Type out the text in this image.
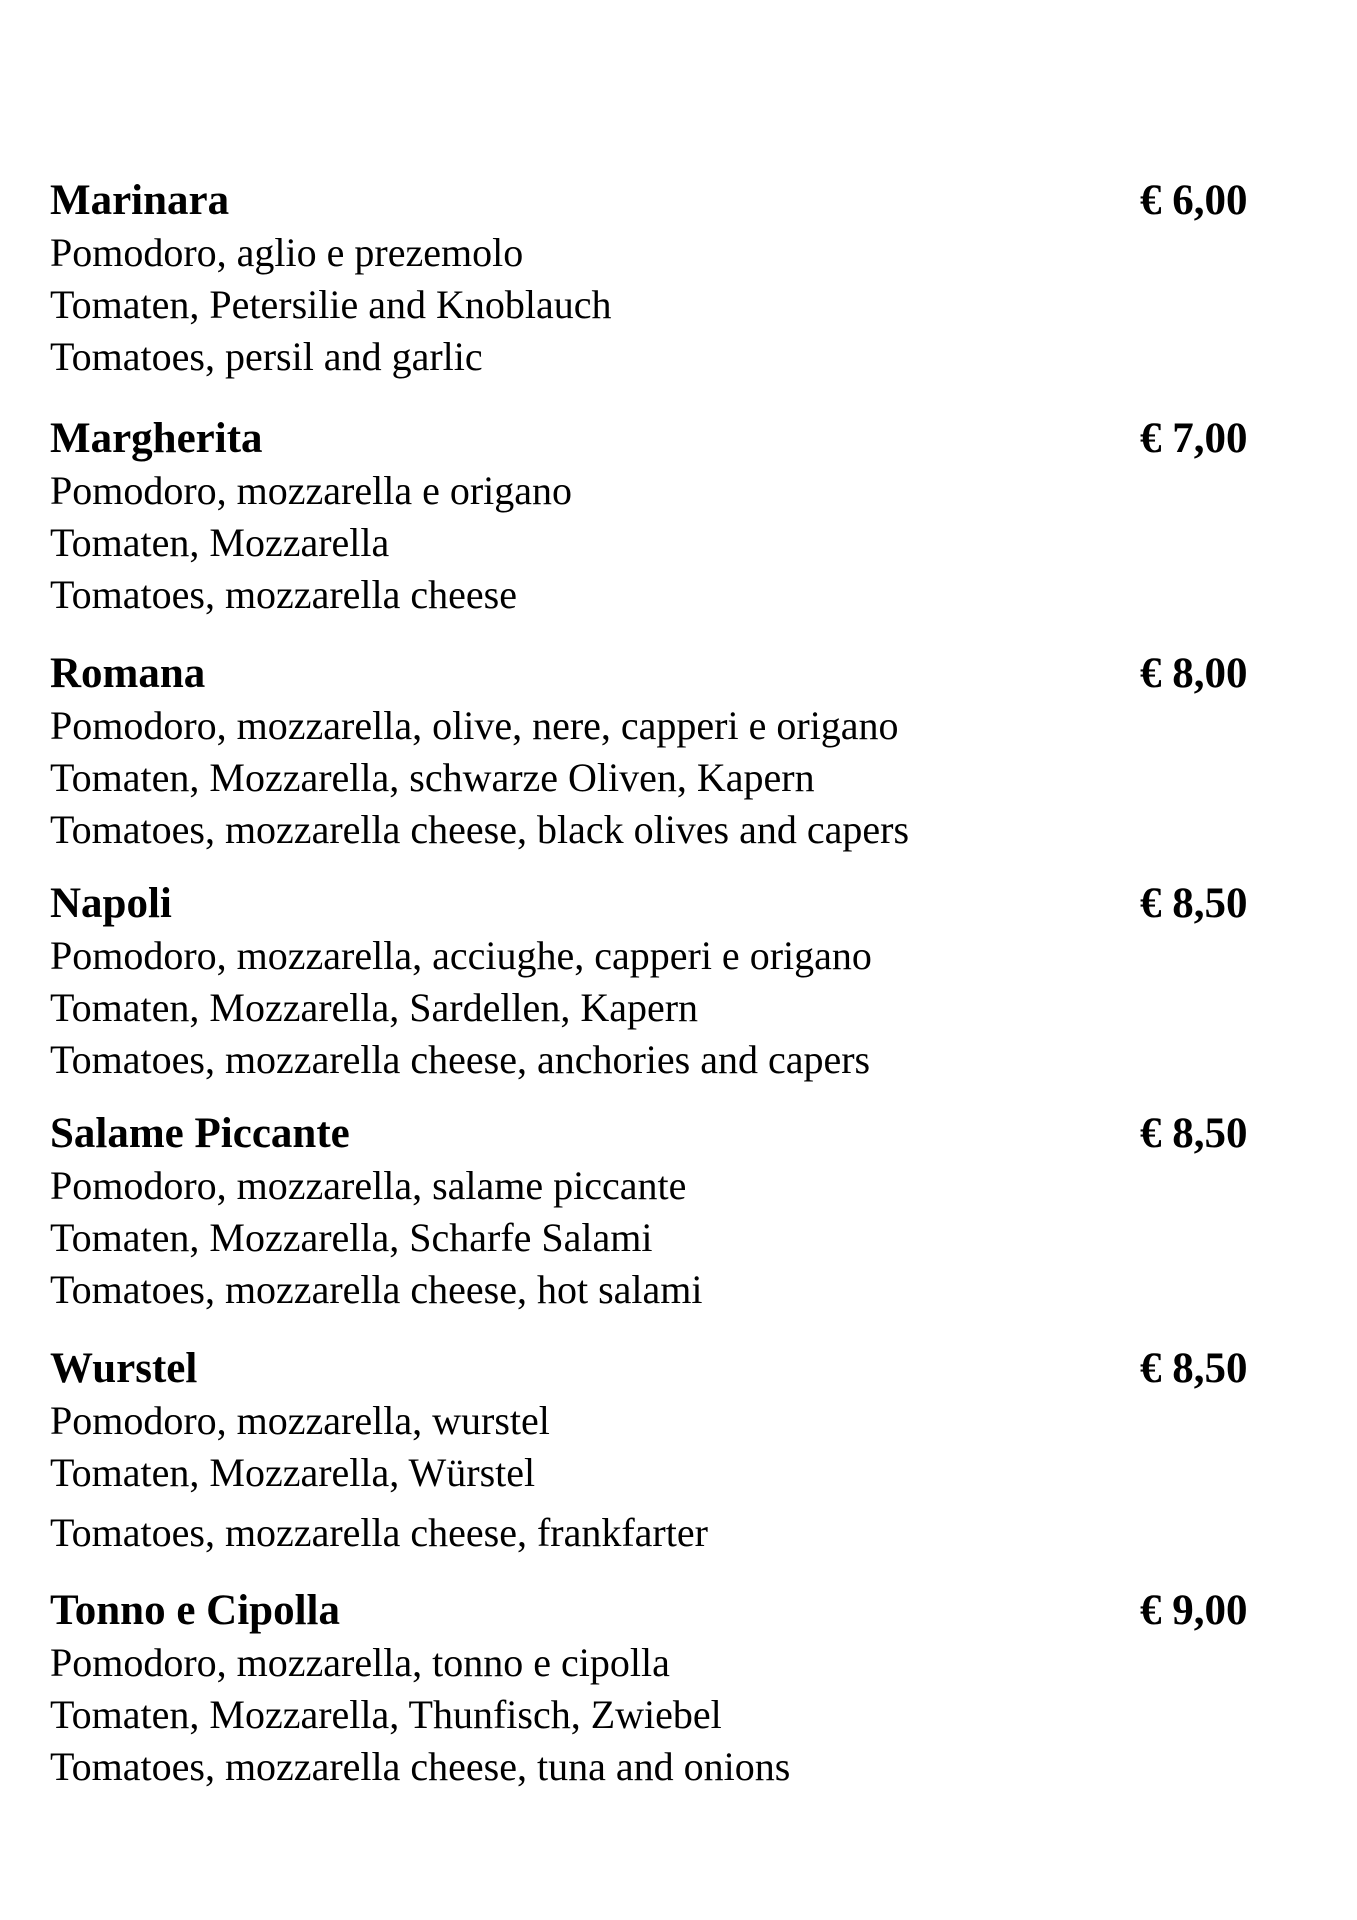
Marinara	€ 6,00
Pomodoro, aglio e prezemolo
Tomaten, Petersilie and Knoblauch
Tomatoes, persil and garlic
Margherita	€ 7,00
Pomodoro, mozzarella e origano
Tomaten, Mozzarella
Tomatoes, mozzarella cheese
Romana	€ 8,00
Pomodoro, mozzarella, olive, nere, capperi e origano
Tomaten, Mozzarella, schwarze Oliven, Kapern
Tomatoes, mozzarella cheese, black olives and capers
Napoli	€ 8,50
Pomodoro, mozzarella, acciughe, capperi e origano
Tomaten, Mozzarella, Sardellen, Kapern
Tomatoes, mozzarella cheese, anchories and capers
Salame Piccante	€ 8,50
Pomodoro, mozzarella, salame piccante
Tomaten, Mozzarella, Scharfe Salami
Tomatoes, mozzarella cheese, hot salami
Wurstel	€ 8,50
Pomodoro, mozzarella, wurstel
Tomaten, Mozzarella, Würstel
Tomatoes, mozzarella cheese, frankfarter
Tonno e Cipolla	€ 9,00
Pomodoro, mozzarella, tonno e cipolla
Tomaten, Mozzarella, Thunfisch, Zwiebel
Tomatoes, mozzarella cheese, tuna and onions
